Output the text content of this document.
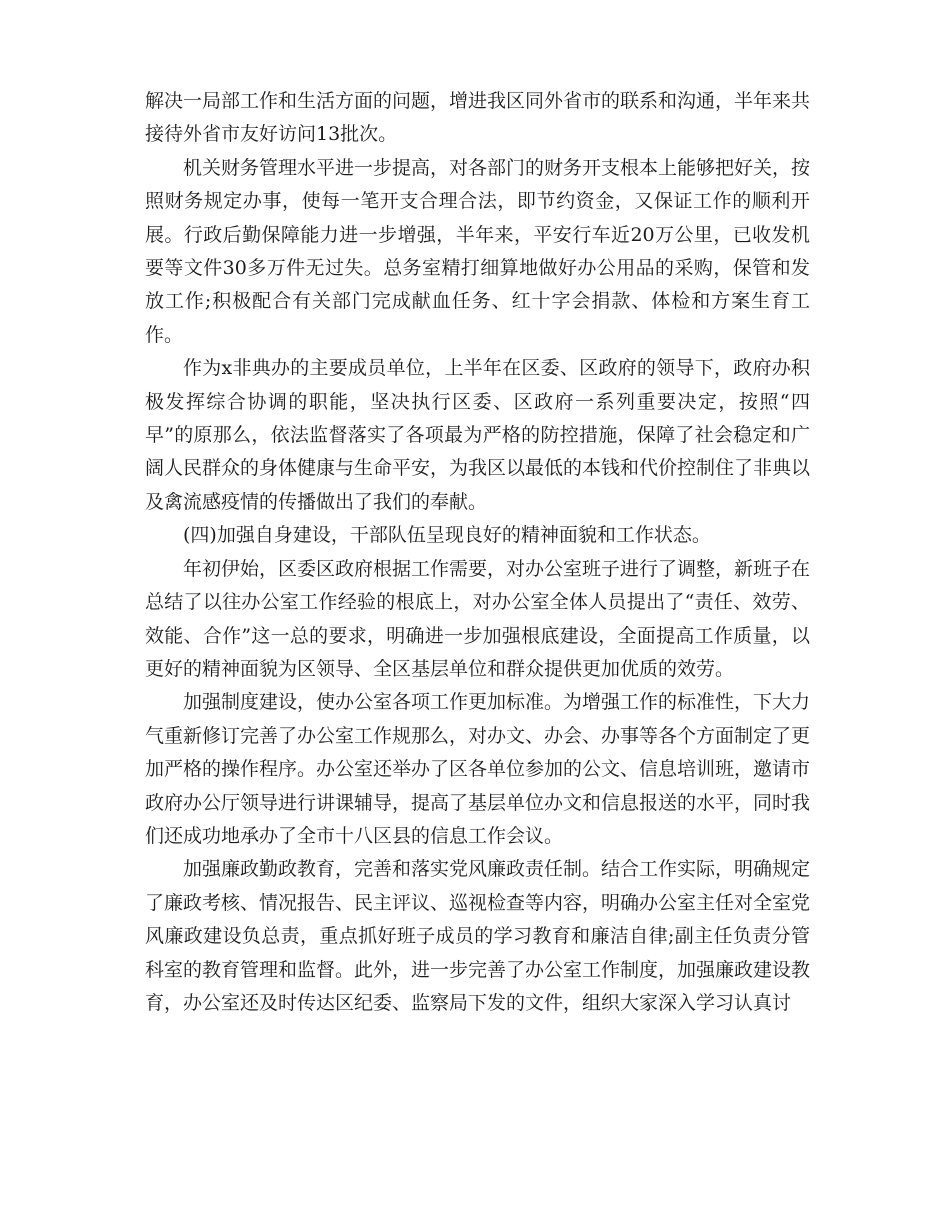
解决一局部工作和生活方面的问题，增进我区同外省市的联系和沟通，半年来共接待外省市友好访问13批次。

机关财务管理水平进一步提高，对各部门的财务开支根本上能够把好关，按照财务规定办事，使每一笔开支合理合法，即节约资金，又保证工作的顺利开展。行政后勤保障能力进一步增强，半年来，平安行车近20万公里，已收发机要等文件30多万件无过失。总务室精打细算地做好办公用品的采购，保管和发放工作;积极配合有关部门完成献血任务、红十字会捐款、体检和方案生育工作。

作为x非典办的主要成员单位，上半年在区委、区政府的领导下，政府办积极发挥综合协调的职能，坚决执行区委、区政府一系列重要决定，按照“四早”的原那么，依法监督落实了各项最为严格的防控措施，保障了社会稳定和广阔人民群众的身体健康与生命平安，为我区以最低的本钱和代价控制住了非典以及禽流感疫情的传播做出了我们的奉献。

(四)加强自身建设，干部队伍呈现良好的精神面貌和工作状态。

年初伊始，区委区政府根据工作需要，对办公室班子进行了调整，新班子在总结了以往办公室工作经验的根底上，对办公室全体人员提出了“责任、效劳、效能、合作”这一总的要求，明确进一步加强根底建设，全面提高工作质量，以更好的精神面貌为区领导、全区基层单位和群众提供更加优质的效劳。

加强制度建设，使办公室各项工作更加标准。为增强工作的标准性，下大力气重新修订完善了办公室工作规那么，对办文、办会、办事等各个方面制定了更加严格的操作程序。办公室还举办了区各单位参加的公文、信息培训班，邀请市政府办公厅领导进行讲课辅导，提高了基层单位办文和信息报送的水平，同时我们还成功地承办了全市十八区县的信息工作会议。

加强廉政勤政教育，完善和落实党风廉政责任制。结合工作实际，明确规定了廉政考核、情况报告、民主评议、巡视检查等内容，明确办公室主任对全室党风廉政建设负总责，重点抓好班子成员的学习教育和廉洁自律;副主任负责分管科室的教育管理和监督。此外，进一步完善了办公室工作制度，加强廉政建设教育，办公室还及时传达区纪委、监察局下发的文件，组织大家深入学习认真讨
